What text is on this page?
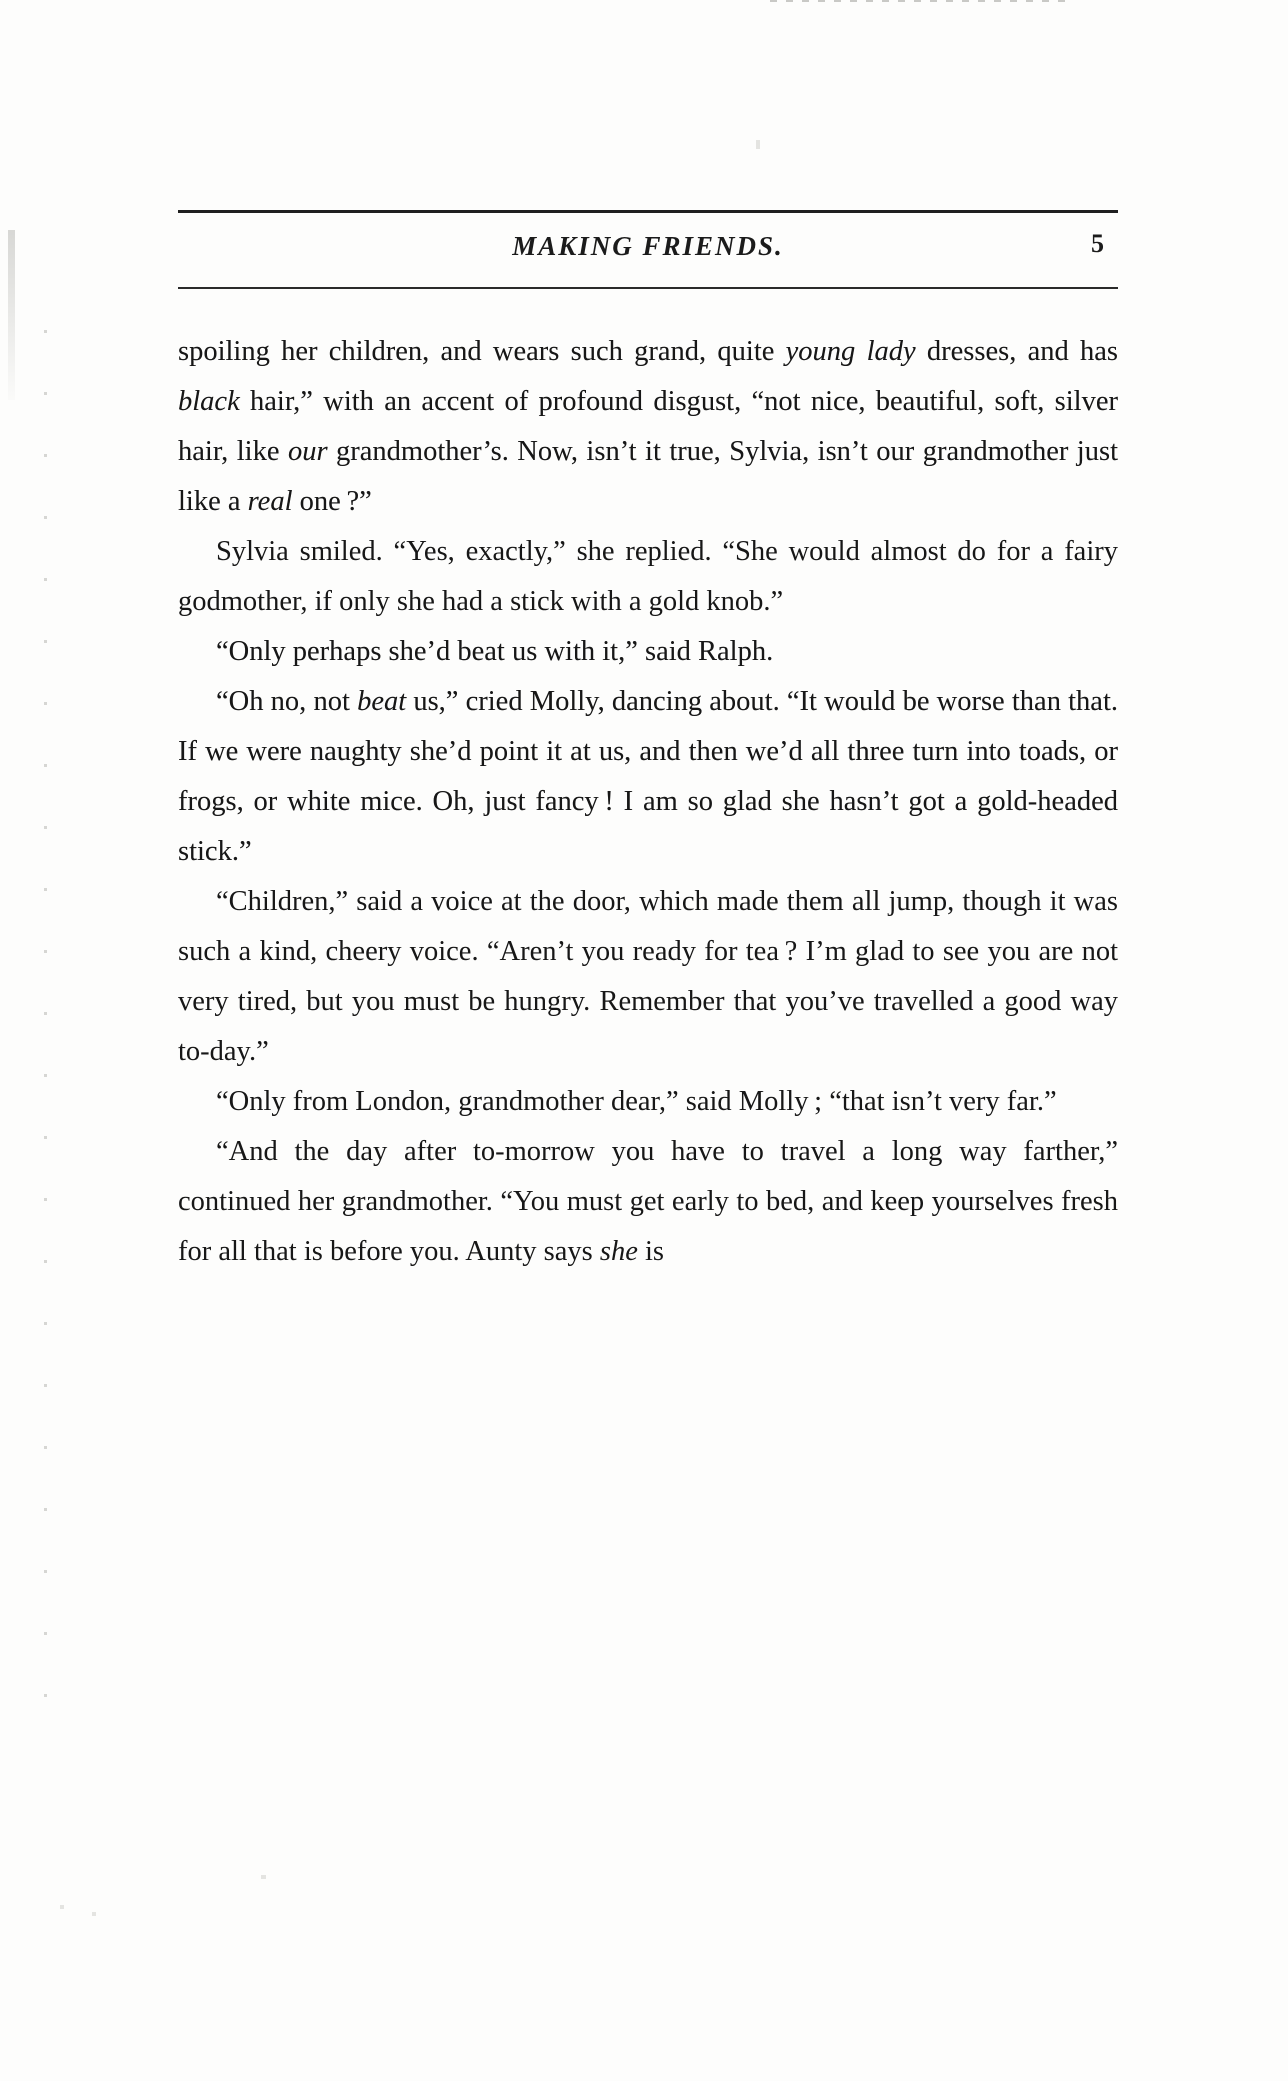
MAKING FRIENDS.	5

spoiling her children, and wears such grand, quite young lady dresses, and has black hair,” with an accent of profound disgust, “not nice, beautiful, soft, silver hair, like our grandmother’s. Now, isn’t it true, Sylvia, isn’t our grandmother just like a real one ?”

Sylvia smiled. “Yes, exactly,” she replied. “She would almost do for a fairy godmother, if only she had a stick with a gold knob.”

“Only perhaps she’d beat us with it,” said Ralph.

“Oh no, not beat us,” cried Molly, dancing about. “It would be worse than that. If we were naughty she’d point it at us, and then we’d all three turn into toads, or frogs, or white mice. Oh, just fancy ! I am so glad she hasn’t got a gold-headed stick.”

“Children,” said a voice at the door, which made them all jump, though it was such a kind, cheery voice. “Aren’t you ready for tea ? I’m glad to see you are not very tired, but you must be hungry. Remember that you’ve travelled a good way to-day.”

“Only from London, grandmother dear,” said Molly ; “that isn’t very far.”

“And the day after to-morrow you have to travel a long way farther,” continued her grandmother. “You must get early to bed, and keep yourselves fresh for all that is before you. Aunty says she is
